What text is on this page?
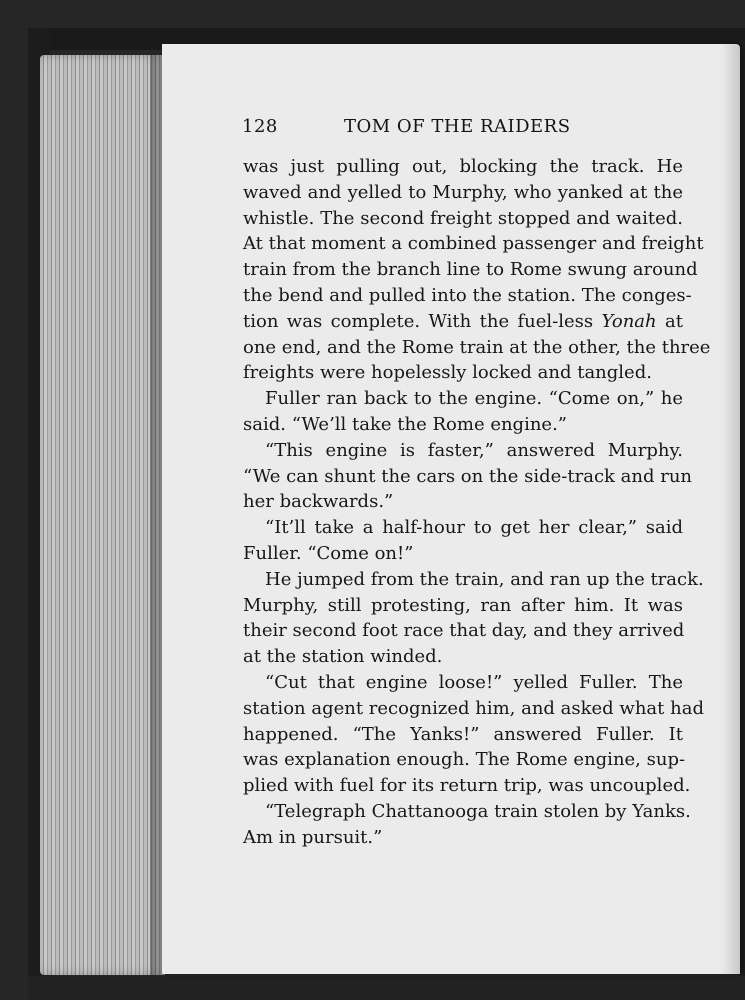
128	TOM OF THE RAIDERS
was just pulling out, blocking the track. He
waved and yelled to Murphy, who yanked at the
whistle. The second freight stopped and waited.
At that moment a combined passenger and freight
train from the branch line to Rome swung around
the bend and pulled into the station. The conges-
tion was complete. With the fuel-less Yonah at
one end, and the Rome train at the other, the three
freights were hopelessly locked and tangled.
Fuller ran back to the engine. “Come on,” he
said. “We’ll take the Rome engine.”
“This engine is faster,” answered Murphy.
“We can shunt the cars on the side-track and run
her backwards.”
“It’ll take a half-hour to get her clear,” said
Fuller. “Come on!”
He jumped from the train, and ran up the track.
Murphy, still protesting, ran after him. It was
their second foot race that day, and they arrived
at the station winded.
“Cut that engine loose!” yelled Fuller. The
station agent recognized him, and asked what had
happened. “The Yanks!” answered Fuller. It
was explanation enough. The Rome engine, sup-
plied with fuel for its return trip, was uncoupled.
“Telegraph Chattanooga train stolen by Yanks.
Am in pursuit.”
